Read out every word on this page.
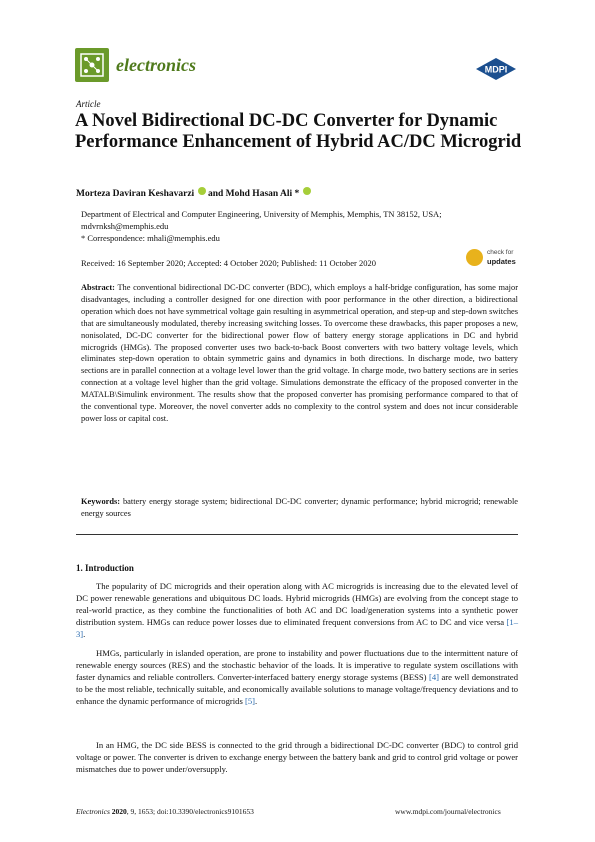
electronics	MDPI
Article
A Novel Bidirectional DC-DC Converter for Dynamic Performance Enhancement of Hybrid AC/DC Microgrid
Morteza Daviran Keshavarzi and Mohd Hasan Ali *
Department of Electrical and Computer Engineering, University of Memphis, Memphis, TN 38152, USA;
mdvrnksh@memphis.edu
* Correspondence: mhali@memphis.edu
Received: 16 September 2020; Accepted: 4 October 2020; Published: 11 October 2020
check for
updates
Abstract: The conventional bidirectional DC-DC converter (BDC), which employs a half-bridge configuration, has some major disadvantages, including a controller designed for one direction with poor performance in the other direction, a bidirectional operation which does not have symmetrical voltage gain resulting in asymmetrical operation, and step-up and step-down switches that are simultaneously modulated, thereby increasing switching losses. To overcome these drawbacks, this paper proposes a new, nonisolated, DC-DC converter for the bidirectional power flow of battery energy storage applications in DC and hybrid microgrids (HMGs). The proposed converter uses two back-to-back Boost converters with two battery voltage levels, which eliminates step-down operation to obtain symmetric gains and dynamics in both directions. In discharge mode, two battery sections are in parallel connection at a voltage level lower than the grid voltage. In charge mode, two battery sections are in series connection at a voltage level higher than the grid voltage. Simulations demonstrate the efficacy of the proposed converter in the MATALB\Simulink environment. The results show that the proposed converter has promising performance compared to that of the conventional type. Moreover, the novel converter adds no complexity to the control system and does not incur considerable power loss or capital cost.
Keywords: battery energy storage system; bidirectional DC-DC converter; dynamic performance; hybrid microgrid; renewable energy sources
1. Introduction
The popularity of DC microgrids and their operation along with AC microgrids is increasing due to the elevated level of DC power renewable generations and ubiquitous DC loads. Hybrid microgrids (HMGs) are evolving from the concept stage to real-world practice, as they combine the functionalities of both AC and DC load/generation systems into a synthetic power distribution system. HMGs can reduce power losses due to eliminated frequent conversions from AC to DC and vice versa [1–3].
HMGs, particularly in islanded operation, are prone to instability and power fluctuations due to the intermittent nature of renewable energy sources (RES) and the stochastic behavior of the loads. It is imperative to regulate system oscillations with faster dynamics and reliable controllers. Converter-interfaced battery energy storage systems (BESS) [4] are well demonstrated to be the most reliable, technically suitable, and economically available solutions to manage voltage/frequency deviations and to enhance the dynamic performance of microgrids [5].
In an HMG, the DC side BESS is connected to the grid through a bidirectional DC-DC converter (BDC) to control grid voltage or power. The converter is driven to exchange energy between the battery bank and grid to control grid voltage or power mismatches due to power under/oversupply.
Electronics 2020, 9, 1653; doi:10.3390/electronics9101653	www.mdpi.com/journal/electronics
